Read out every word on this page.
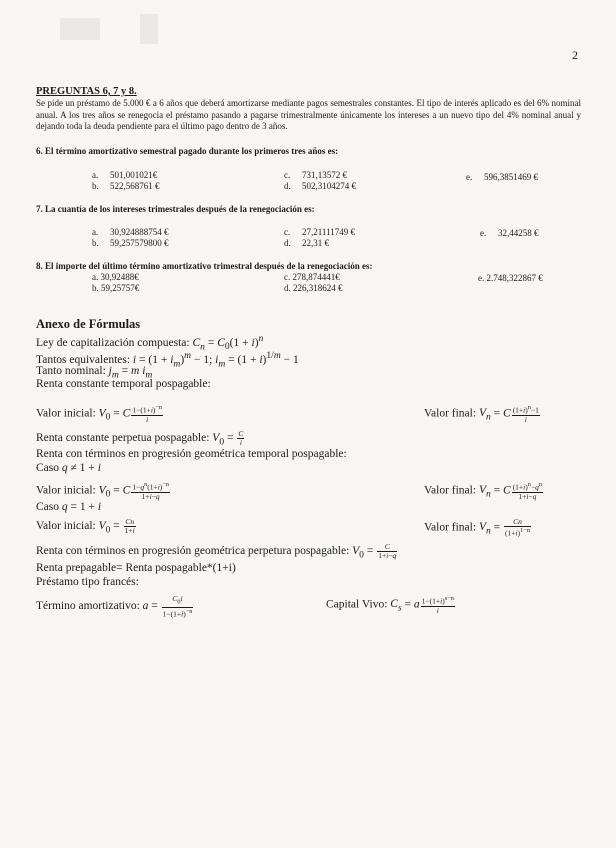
2
PREGUNTAS 6, 7 y 8.
Se pide un préstamo de 5.000 € a 6 años que deberá amortizarse mediante pagos semestrales constantes. El tipo de interés aplicado es del 6% nominal anual. A los tres años se renegocia el préstamo pasando a pagarse trimestralmente únicamente los intereses a un nuevo tipo del 4% nominal anual y dejando toda la deuda pendiente para el último pago dentro de 3 años.
6. El término amortizativo semestral pagado durante los primeros tres años es:
a. 501,001021€
b. 522,568761 €
c. 731,13572 €
d. 502,3104274 €
e. 596,3851469 €
7. La cuantía de los intereses trimestrales después de la renegociación es:
a. 30,924888754 €
b. 59,257579800 €
c. 27,21111749 €
d. 22,31 €
e. 32,44258 €
8. El importe del último término amortizativo trimestral después de la renegociación es:
a. 30,92488€
b. 59,25757€
c. 278,874441€
d. 226,318624 €
e. 2.748,322867 €
Anexo de Fórmulas
Ley de capitalización compuesta: $C_n = C_0(1 + i)^n$
Tantos equivalentes: $i = (1 + i_m)^m - 1$; $i_m = (1 + i)^{1/m} - 1$
Tanto nominal: $j_m = m$ $i_m$
Renta constante temporal pospagable:
Valor inicial: $V_0 = C \frac{1-(1+i)^{-n}}{i}$	Valor final: $V_n = C \frac{(1+i)^n-1}{i}$
Renta constante perpetua pospagable: $V_0 = \frac{C}{i}$
Renta con términos en progresión geométrica temporal pospagable:
Caso q ≠ 1 + i
Valor inicial: $V_0 = C \frac{1-q^n(1+i)^{-n}}{1+i-q}$	Valor final: $V_n = C \frac{(1+i)^n-q^n}{1+i-q}$
Caso q = 1 + i
Valor inicial: $V_0 = \frac{Cn}{1+i}$	Valor final: $V_n = \frac{Cn}{(1+i)^{1-n}}$
Renta con términos en progresión geométrica perpetura pospagable: $V_0 = \frac{C}{1+i-q}$
Renta prepagable= Renta pospagable*(1+i)
Préstamo tipo francés:
Término amortizativo: $a = \frac{C_0i}{1-(1+i)^{-n}}$	Capital Vivo: $C_s = a \frac{1-(1+i)^{s-n}}{i}$
